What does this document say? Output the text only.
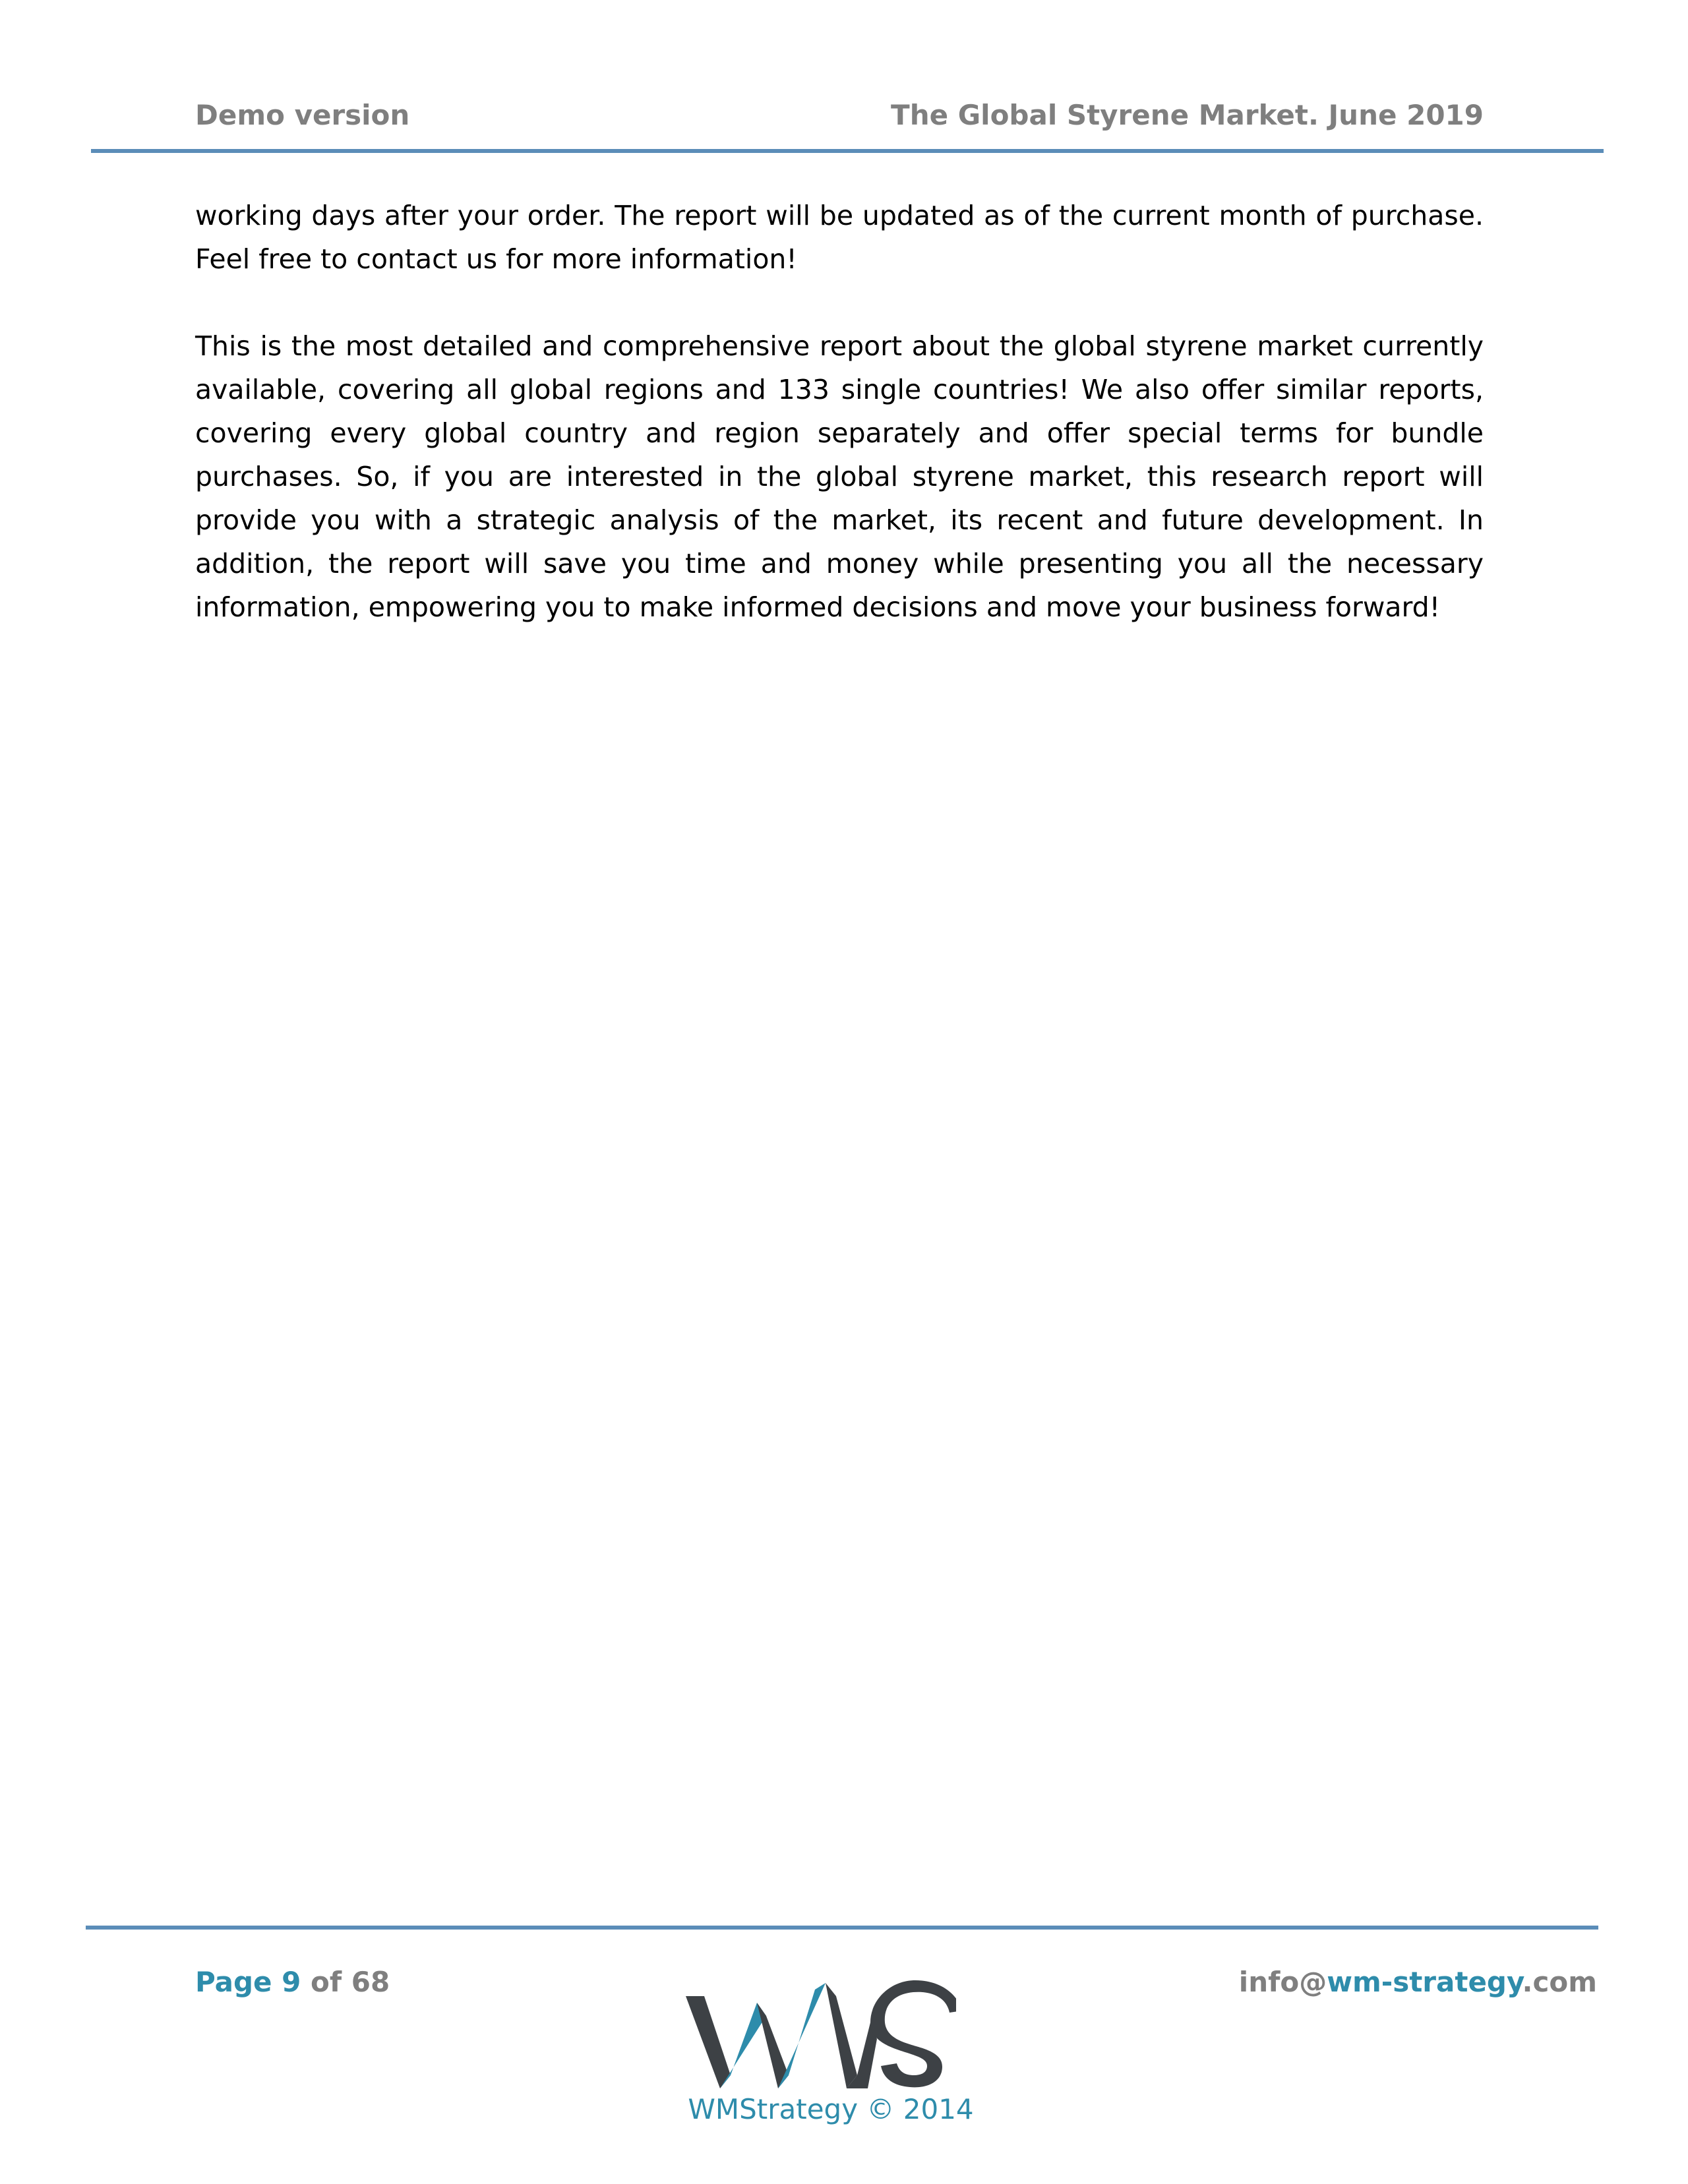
Demo version	The Global Styrene Market. June 2019

working days after your order. The report will be updated as of the current month of purchase. Feel free to contact us for more information!

This is the most detailed and comprehensive report about the global styrene market currently available, covering all global regions and 133 single countries! We also offer similar reports, covering every global country and region separately and offer special terms for bundle purchases. So, if you are interested in the global styrene market, this research report will provide you with a strategic analysis of the market, its recent and future development. In addition, the report will save you time and money while presenting you all the necessary information, empowering you to make informed decisions and move your business forward!

Page 9 of 68
WMStrategy © 2014
info@wm-strategy.com
